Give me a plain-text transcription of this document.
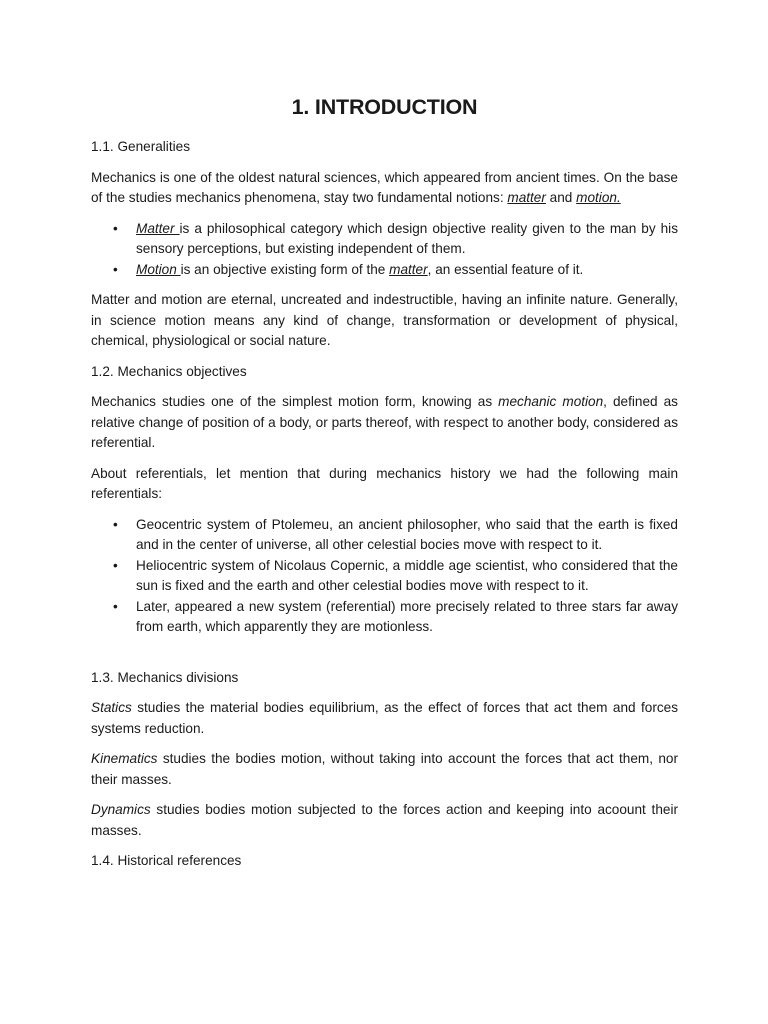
1. INTRODUCTION
1.1. Generalities

Mechanics is one of the oldest natural sciences, which appeared from ancient times. On the base of the studies mechanics phenomena, stay two fundamental notions: matter and motion.

• Matter is a philosophical category which design objective reality given to the man by his sensory perceptions, but existing independent of them.
• Motion is an objective existing form of the matter, an essential feature of it.

Matter and motion are eternal, uncreated and indestructible, having an infinite nature. Generally, in science motion means any kind of change, transformation or development of physical, chemical, physiological or social nature.

1.2. Mechanics objectives

Mechanics studies one of the simplest motion form, knowing as mechanic motion, defined as relative change of position of a body, or parts thereof, with respect to another body, considered as referential.

About referentials, let mention that during mechanics history we had the following main referentials:

• Geocentric system of Ptolemeu, an ancient philosopher, who said that the earth is fixed and in the center of universe, all other celestial bocies move with respect to it.
• Heliocentric system of Nicolaus Copernic, a middle age scientist, who considered that the sun is fixed and the earth and other celestial bodies move with respect to it.
• Later, appeared a new system (referential) more precisely related to three stars far away from earth, which apparently they are motionless.
1.3. Mechanics divisions

Statics studies the material bodies equilibrium, as the effect of forces that act them and forces systems reduction.

Kinematics studies the bodies motion, without taking into account the forces that act them, nor their masses.

Dynamics studies bodies motion subjected to the forces action and keeping into acoount their masses.

1.4. Historical references
